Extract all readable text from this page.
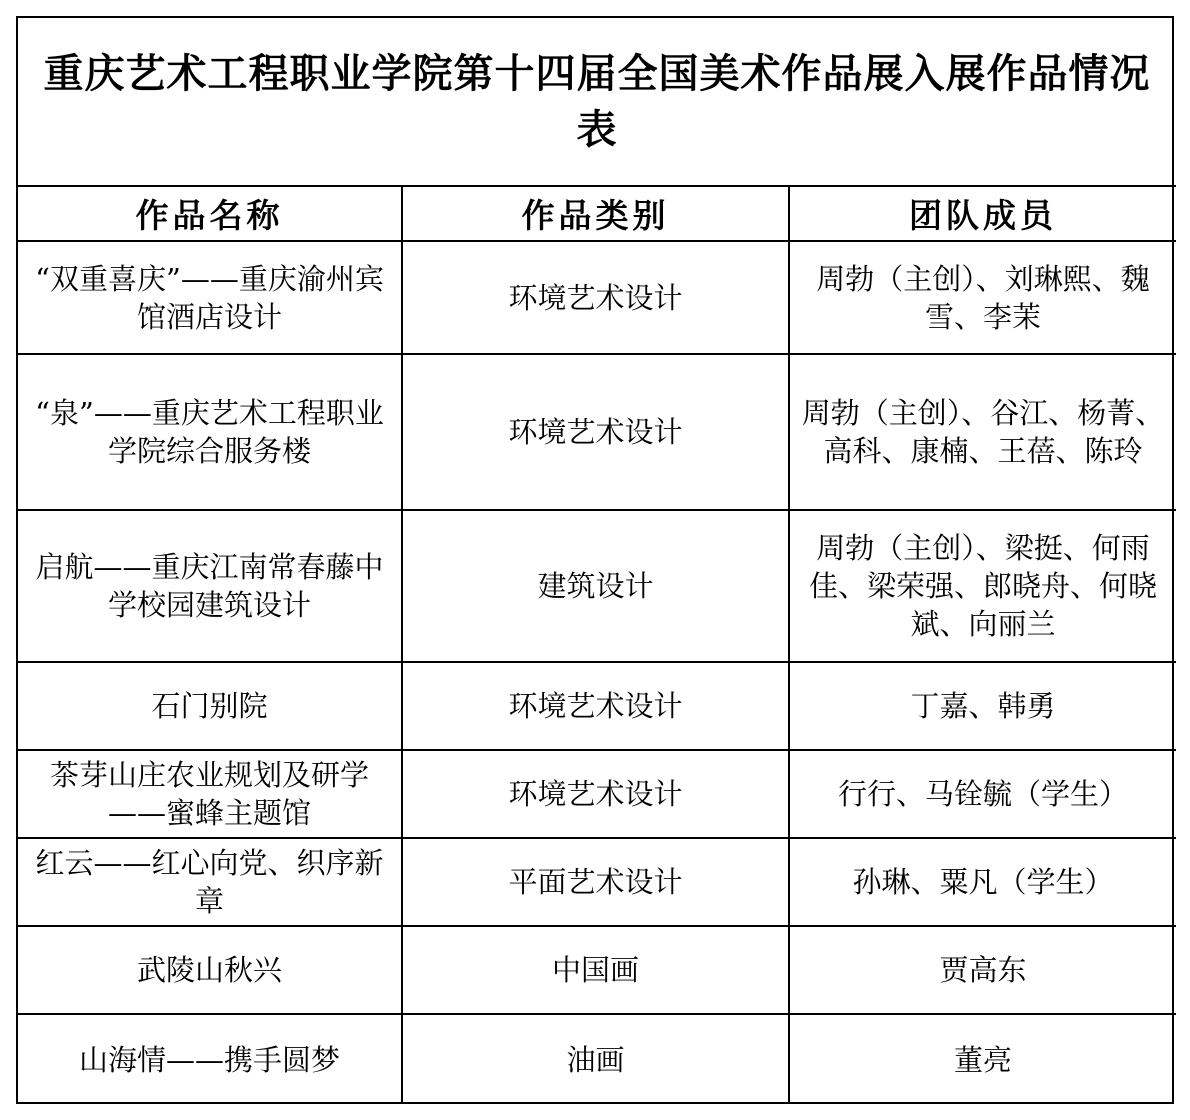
重庆艺术工程职业学院第十四届全国美术作品展入展作品情况表		
作品名称	作品类别	团队成员
“双重喜庆”——重庆渝州宾馆酒店设计	环境艺术设计	周勃（主创）、刘琳熙、魏雪、李茉
“泉”——重庆艺术工程职业学院综合服务楼	环境艺术设计	周勃（主创）、谷江、杨菁、高科、康楠、王蓓、陈玲
启航——重庆江南常春藤中学校园建筑设计	建筑设计	周勃（主创）、梁挺、何雨佳、梁荣强、郎晓舟、何晓斌、向丽兰
石门别院	环境艺术设计	丁嘉、韩勇
茶芽山庄农业规划及研学——蜜蜂主题馆	环境艺术设计	行行、马铨毓（学生）
红云——红心向党、织序新章	平面艺术设计	孙琳、粟凡（学生）
武陵山秋兴	中国画	贾高东
山海情——携手圆梦	油画	董亮
